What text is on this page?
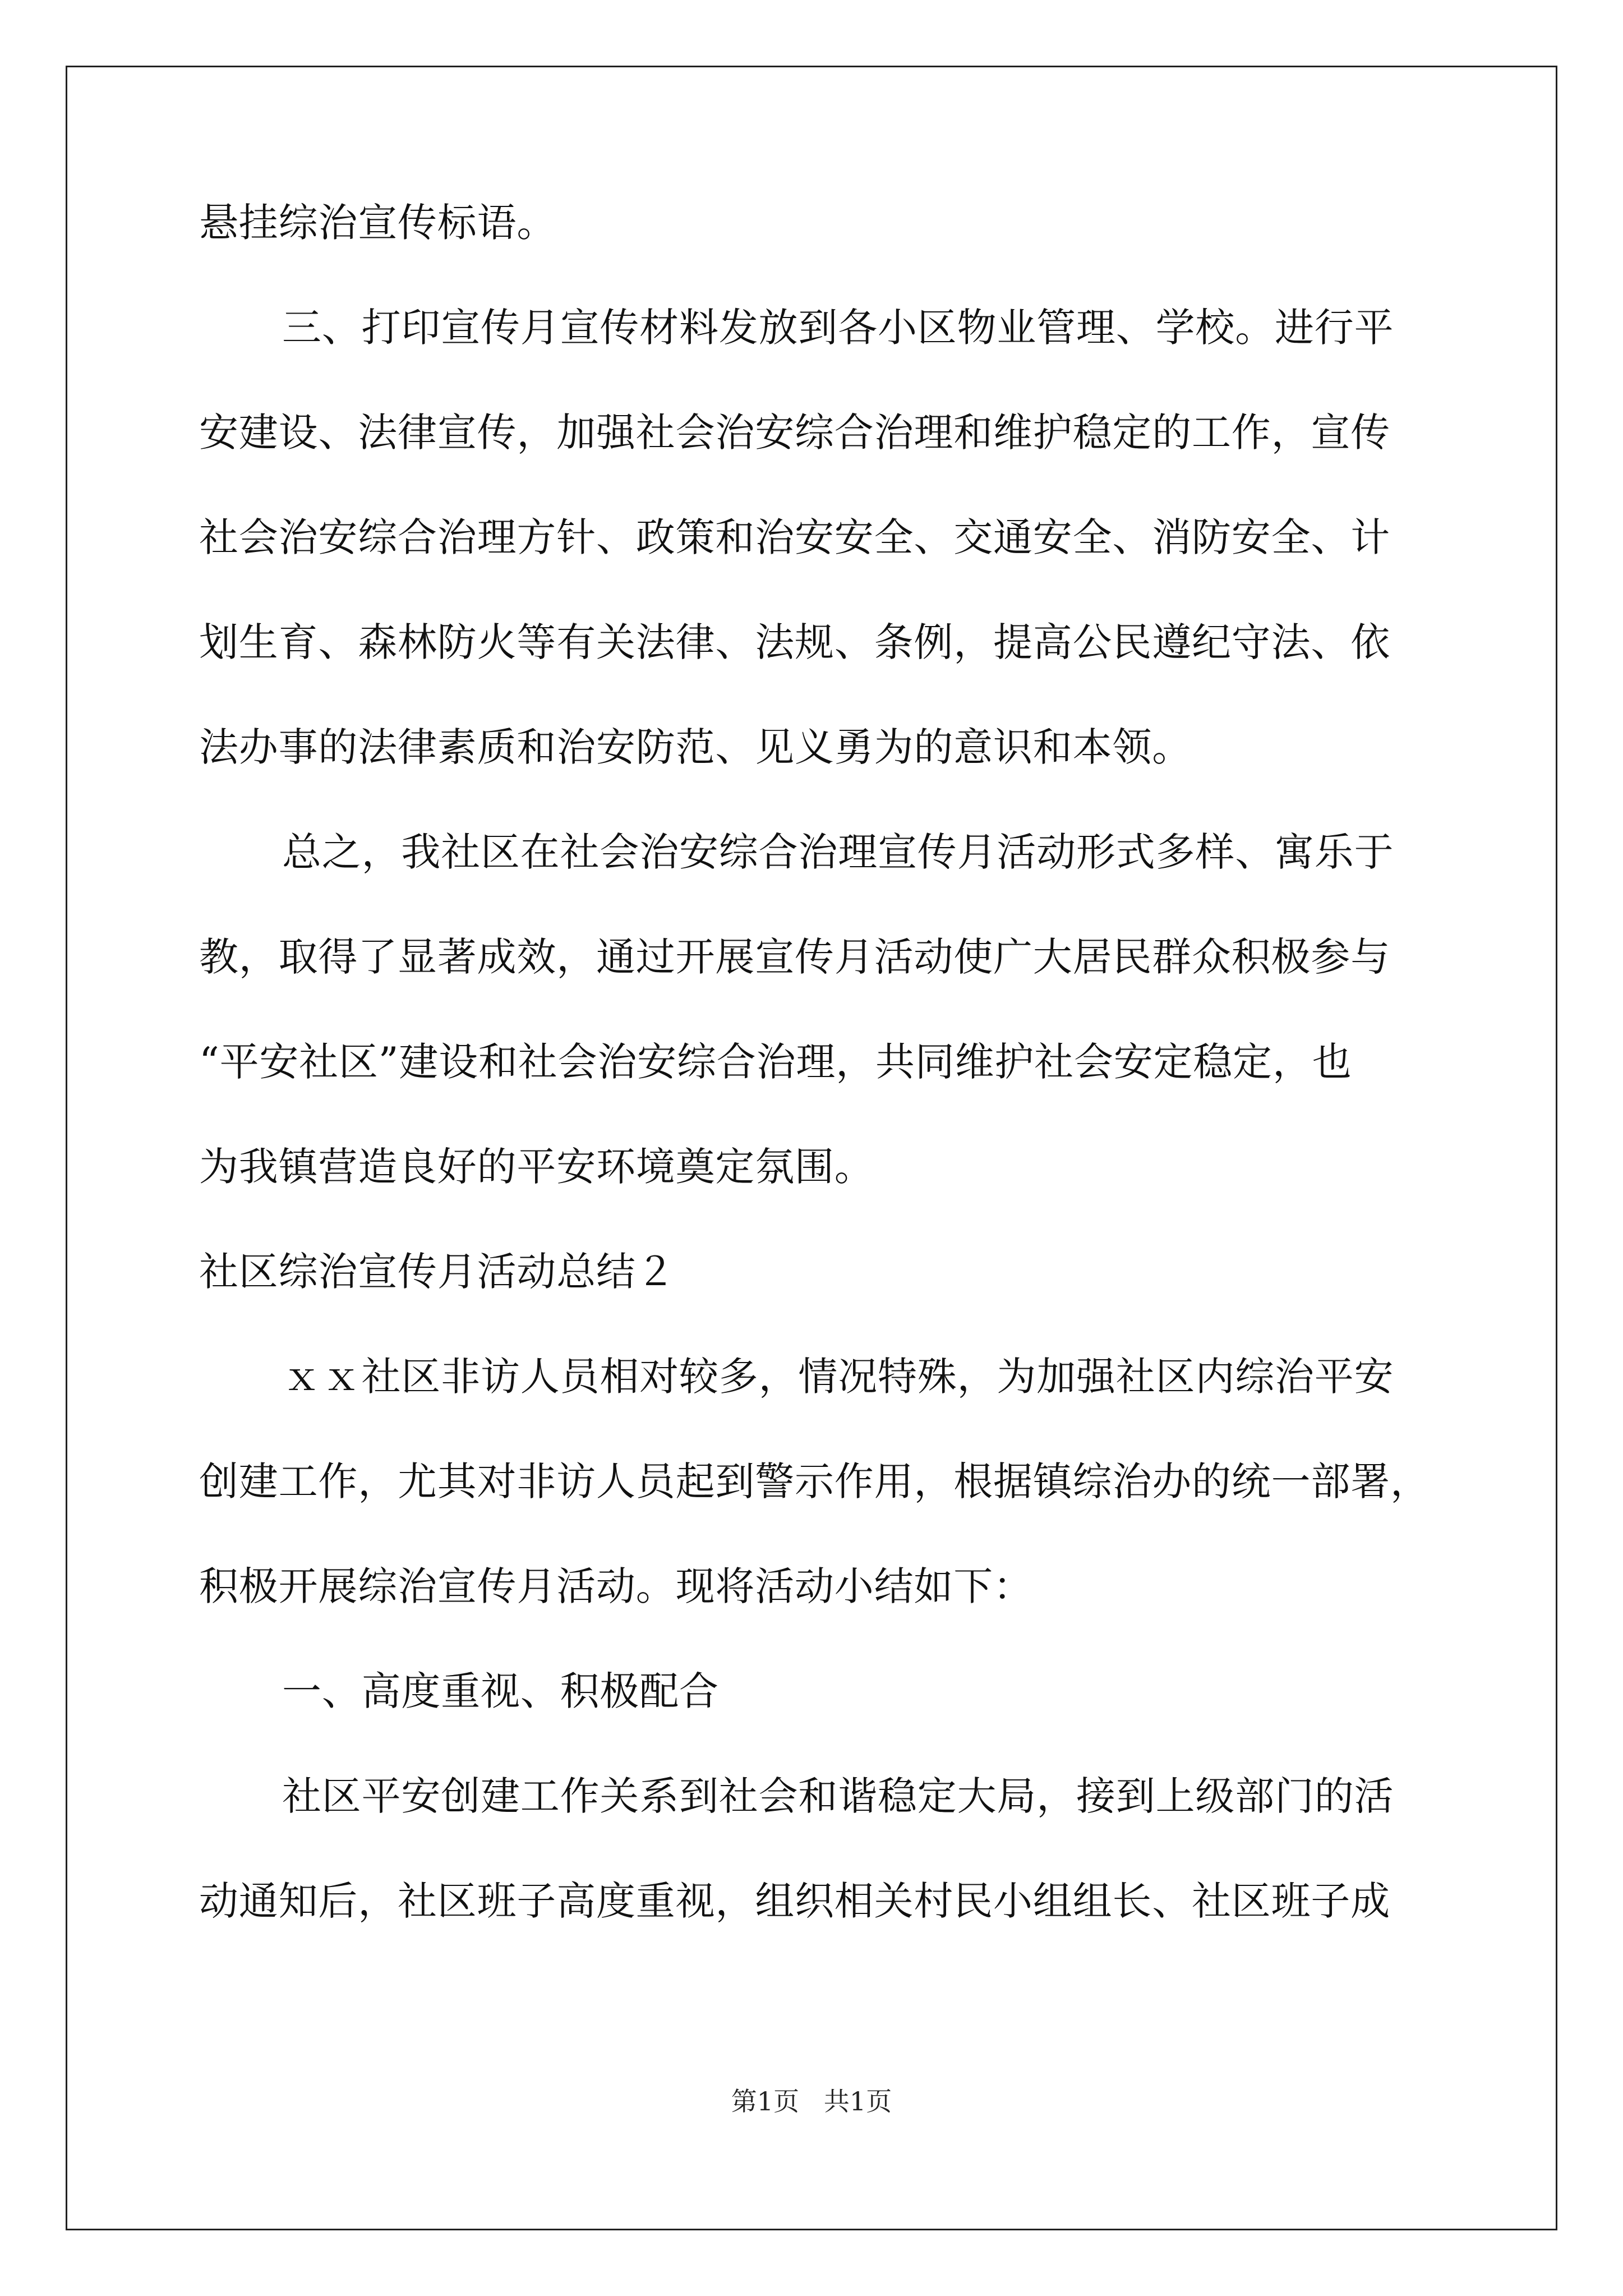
悬挂综治宣传标语。
三、打印宣传月宣传材料发放到各小区物业管理、学校。进行平
安建设、法律宣传，加强社会治安综合治理和维护稳定的工作，宣传
社会治安综合治理方针、政策和治安安全、交通安全、消防安全、计
划生育、森林防火等有关法律、法规、条例，提高公民遵纪守法、依
法办事的法律素质和治安防范、见义勇为的意识和本领。
总之，我社区在社会治安综合治理宣传月活动形式多样、寓乐于
教，取得了显著成效，通过开展宣传月活动使广大居民群众积极参与
“平安社区”建设和社会治安综合治理，共同维护社会安定稳定，也
为我镇营造良好的平安环境奠定氛围。
社区综治宣传月活动总结２
ｘｘ社区非访人员相对较多，情况特殊，为加强社区内综治平安
创建工作，尤其对非访人员起到警示作用，根据镇综治办的统一部署，
积极开展综治宣传月活动。现将活动小结如下：
一、高度重视、积极配合
社区平安创建工作关系到社会和谐稳定大局，接到上级部门的活
动通知后，社区班子高度重视，组织相关村民小组组长、社区班子成
第1页   共1页
